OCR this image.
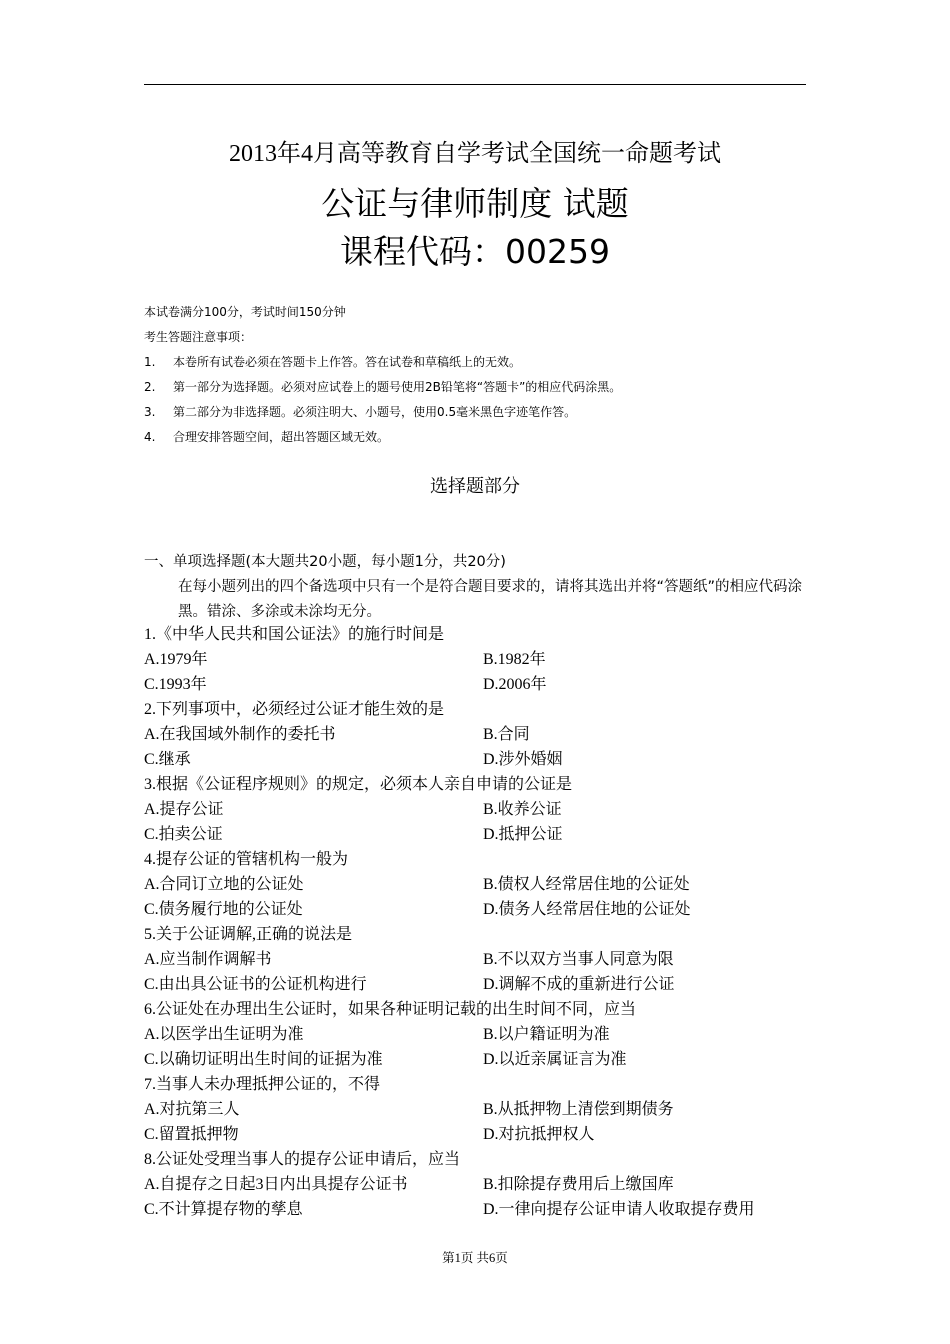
2013年4月高等教育自学考试全国统一命题考试
公证与律师制度 试题
课程代码：00259
本试卷满分100分，考试时间150分钟
考生答题注意事项：
1. 本卷所有试卷必须在答题卡上作答。答在试卷和草稿纸上的无效。
2. 第一部分为选择题。必须对应试卷上的题号使用2B铅笔将“答题卡”的相应代码涂黑。
3. 第二部分为非选择题。必须注明大、小题号，使用0.5毫米黑色字迹笔作答。
4. 合理安排答题空间，超出答题区域无效。
选择题部分
一、单项选择题(本大题共20小题，每小题1分，共20分)
在每小题列出的四个备选项中只有一个是符合题目要求的，请将其选出并将“答题纸”的相应代码涂黑。错涂、多涂或未涂均无分。
1.《中华人民共和国公证法》的施行时间是
A.1979年	B.1982年
C.1993年	D.2006年
2.下列事项中，必须经过公证才能生效的是
A.在我国域外制作的委托书	B.合同
C.继承	D.涉外婚姻
3.根据《公证程序规则》的规定，必须本人亲自申请的公证是
A.提存公证	B.收养公证
C.拍卖公证	D.抵押公证
4.提存公证的管辖机构一般为
A.合同订立地的公证处	B.债权人经常居住地的公证处
C.债务履行地的公证处	D.债务人经常居住地的公证处
5.关于公证调解,正确的说法是
A.应当制作调解书	B.不以双方当事人同意为限
C.由出具公证书的公证机构进行	D.调解不成的重新进行公证
6.公证处在办理出生公证时，如果各种证明记载的出生时间不同，应当
A.以医学出生证明为准	B.以户籍证明为准
C.以确切证明出生时间的证据为准	D.以近亲属证言为准
7.当事人未办理抵押公证的，不得
A.对抗第三人	B.从抵押物上清偿到期债务
C.留置抵押物	D.对抗抵押权人
8.公证处受理当事人的提存公证申请后，应当
A.自提存之日起3日内出具提存公证书	B.扣除提存费用后上缴国库
C.不计算提存物的孳息	D.一律向提存公证申请人收取提存费用
第1页 共6页
